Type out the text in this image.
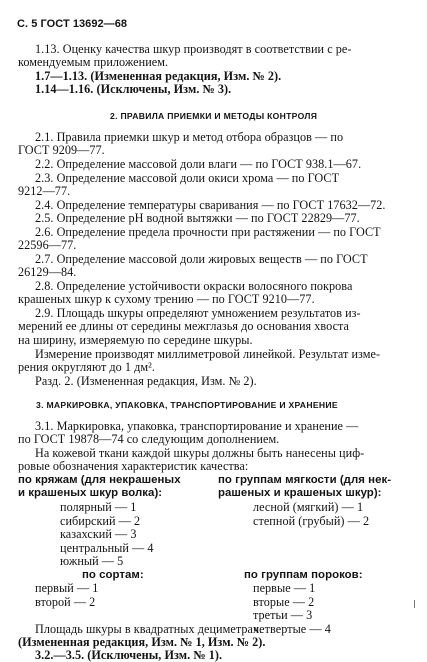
С. 5 ГОСТ 13692—68
1.13. Оценку качества шкур производят в соответствии с ре-
комендуемым приложением.
1.7—1.13. (Измененная редакция, Изм. № 2).
1.14—1.16. (Исключены, Изм. № 3).
2. ПРАВИЛА ПРИЕМКИ И МЕТОДЫ КОНТРОЛЯ
2.1. Правила приемки шкур и метод отбора образцов — по
ГОСТ 9209—77.
2.2. Определение массовой доли влаги — по ГОСТ 938.1—67.
2.3. Определение массовой доли окиси хрома — по ГОСТ
9212—77.
2.4. Определение температуры сваривания — по ГОСТ 17632—72.
2.5. Определение рН водной вытяжки — по ГОСТ 22829—77.
2.6. Определение предела прочности при растяжении — по ГОСТ
22596—77.
2.7. Определение массовой доли жировых веществ — по ГОСТ
26129—84.
2.8. Определение устойчивости окраски волосяного покрова
крашеных шкур к сухому трению — по ГОСТ 9210—77.
2.9. Площадь шкуры определяют умножением результатов из-
мерений ее длины от середины межглазья до основания хвоста
на ширину, измеряемую по середине шкуры.
Измерение производят миллиметровой линейкой. Результат изме-
рения округляют до 1 дм².
Разд. 2. (Измененная редакция, Изм. № 2).
3. МАРКИРОВКА, УПАКОВКА, ТРАНСПОРТИРОВАНИЕ И ХРАНЕНИЕ
3.1. Маркировка, упаковка, транспортирование и хранение —
по ГОСТ 19878—74 со следующим дополнением.
На кожевой ткани каждой шкуры должны быть нанесены циф-
ровые обозначения характеристик качества:
по кряжам (для некрашеных
и крашеных шкур волка):
полярный — 1
сибирский — 2
казахский — 3
центральный — 4
южный — 5
по группам мягкости (для нек-
рашеных и крашеных шкур):
лесной (мягкий) — 1
степной (грубый) — 2
по сортам:
первый — 1
второй — 2
по группам пороков:
первые — 1
вторые — 2
третьи — 3
четвертые — 4
Площадь шкуры в квадратных дециметрах.
(Измененная редакция, Изм. № 1, Изм. № 2).
3.2.—3.5. (Исключены, Изм. № 1).
